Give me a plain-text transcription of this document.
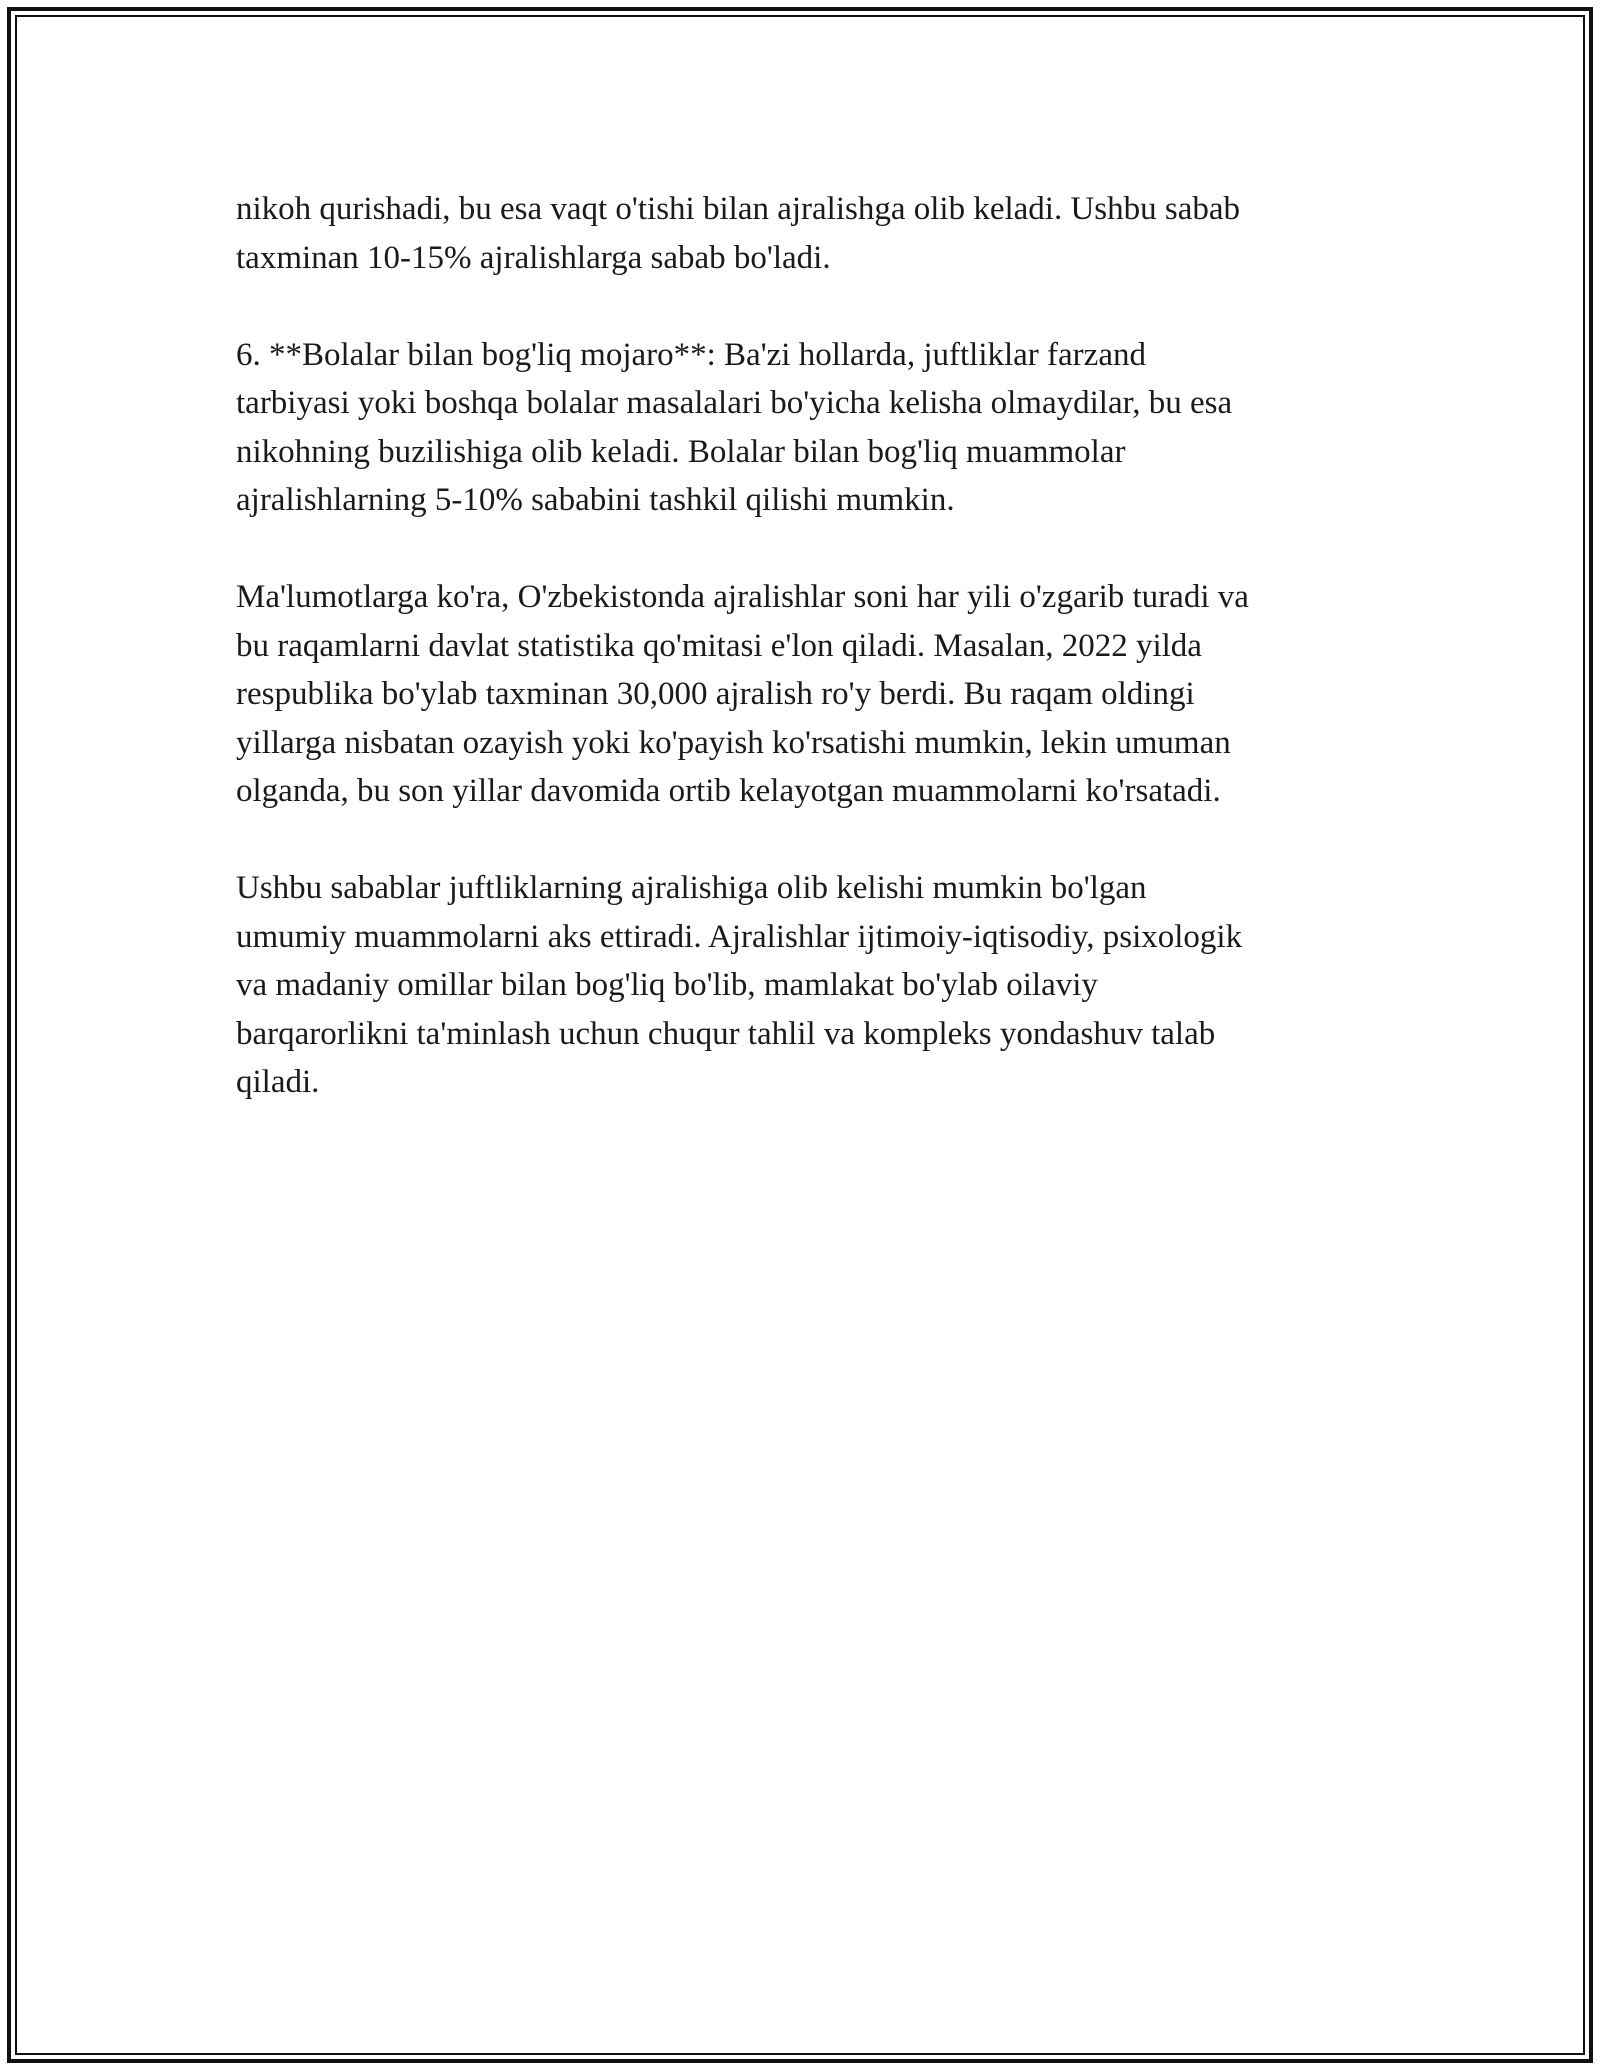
nikoh qurishadi, bu esa vaqt o'tishi bilan ajralishga olib keladi. Ushbu sabab
taxminan 10-15% ajralishlarga sabab bo'ladi.

6. **Bolalar bilan bog'liq mojaro**: Ba'zi hollarda, juftliklar farzand
tarbiyasi yoki boshqa bolalar masalalari bo'yicha kelisha olmaydilar, bu esa
nikohning buzilishiga olib keladi. Bolalar bilan bog'liq muammolar
ajralishlarning 5-10% sababini tashkil qilishi mumkin.

Ma'lumotlarga ko'ra, O'zbekistonda ajralishlar soni har yili o'zgarib turadi va
bu raqamlarni davlat statistika qo'mitasi e'lon qiladi. Masalan, 2022 yilda
respublika bo'ylab taxminan 30,000 ajralish ro'y berdi. Bu raqam oldingi
yillarga nisbatan ozayish yoki ko'payish ko'rsatishi mumkin, lekin umuman
olganda, bu son yillar davomida ortib kelayotgan muammolarni ko'rsatadi.

Ushbu sabablar juftliklarning ajralishiga olib kelishi mumkin bo'lgan
umumiy muammolarni aks ettiradi. Ajralishlar ijtimoiy-iqtisodiy, psixologik
va madaniy omillar bilan bog'liq bo'lib, mamlakat bo'ylab oilaviy
barqarorlikni ta'minlash uchun chuqur tahlil va kompleks yondashuv talab
qiladi.
